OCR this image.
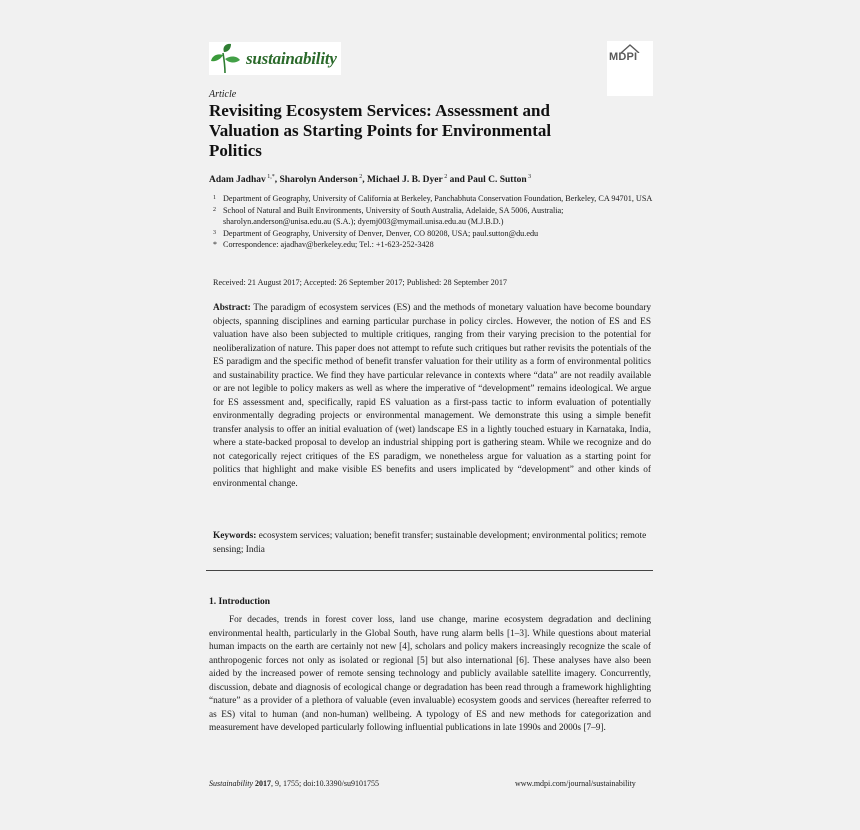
sustainability	MDPI
Article
Revisiting Ecosystem Services: Assessment and Valuation as Starting Points for Environmental Politics
Adam Jadhav $^{1,*}$, Sharolyn Anderson $^2$, Michael J. B. Dyer $^2$ and Paul C. Sutton $^3$
1 Department of Geography, University of California at Berkeley, Panchabhuta Conservation Foundation, Berkeley, CA 94701, USA
2 School of Natural and Built Environments, University of South Australia, Adelaide, SA 5006, Australia; sharolyn.anderson@unisa.edu.au (S.A.); dyemj003@mymail.unisa.edu.au (M.J.B.D.)
3 Department of Geography, University of Denver, Denver, CO 80208, USA; paul.sutton@du.edu
* Correspondence: ajadhav@berkeley.edu; Tel.: +1-623-252-3428
Received: 21 August 2017; Accepted: 26 September 2017; Published: 28 September 2017
Abstract: The paradigm of ecosystem services (ES) and the methods of monetary valuation have become boundary objects, spanning disciplines and earning particular purchase in policy circles. However, the notion of ES and ES valuation have also been subjected to multiple critiques, ranging from their varying precision to the potential for neoliberalization of nature. This paper does not attempt to refute such critiques but rather revisits the potentials of the ES paradigm and the specific method of benefit transfer valuation for their utility as a form of environmental politics and sustainability practice. We find they have particular relevance in contexts where “data” are not readily available or are not legible to policy makers as well as where the imperative of “development” remains ideological. We argue for ES assessment and, specifically, rapid ES valuation as a first-pass tactic to inform evaluation of potentially environmentally degrading projects or environmental management. We demonstrate this using a simple benefit transfer analysis to offer an initial evaluation of (wet) landscape ES in a lightly touched estuary in Karnataka, India, where a state-backed proposal to develop an industrial shipping port is gathering steam. While we recognize and do not categorically reject critiques of the ES paradigm, we nonetheless argue for valuation as a starting point for politics that highlight and make visible ES benefits and users implicated by “development” and other kinds of environmental change.
Keywords: ecosystem services; valuation; benefit transfer; sustainable development; environmental politics; remote sensing; India
1. Introduction
For decades, trends in forest cover loss, land use change, marine ecosystem degradation and declining environmental health, particularly in the Global South, have rung alarm bells [1–3]. While questions about material human impacts on the earth are certainly not new [4], scholars and policy makers increasingly recognize the scale of anthropogenic forces not only as isolated or regional [5] but also international [6]. These analyses have also been aided by the increased power of remote sensing technology and publicly available satellite imagery. Concurrently, discussion, debate and diagnosis of ecological change or degradation has been read through a framework highlighting “nature” as a provider of a plethora of valuable (even invaluable) ecosystem goods and services (hereafter referred to as ES) vital to human (and non-human) wellbeing. A typology of ES and new methods for categorization and measurement have developed particularly following influential publications in late 1990s and 2000s [7–9].
Sustainability 2017, 9, 1755; doi:10.3390/su9101755	www.mdpi.com/journal/sustainability
